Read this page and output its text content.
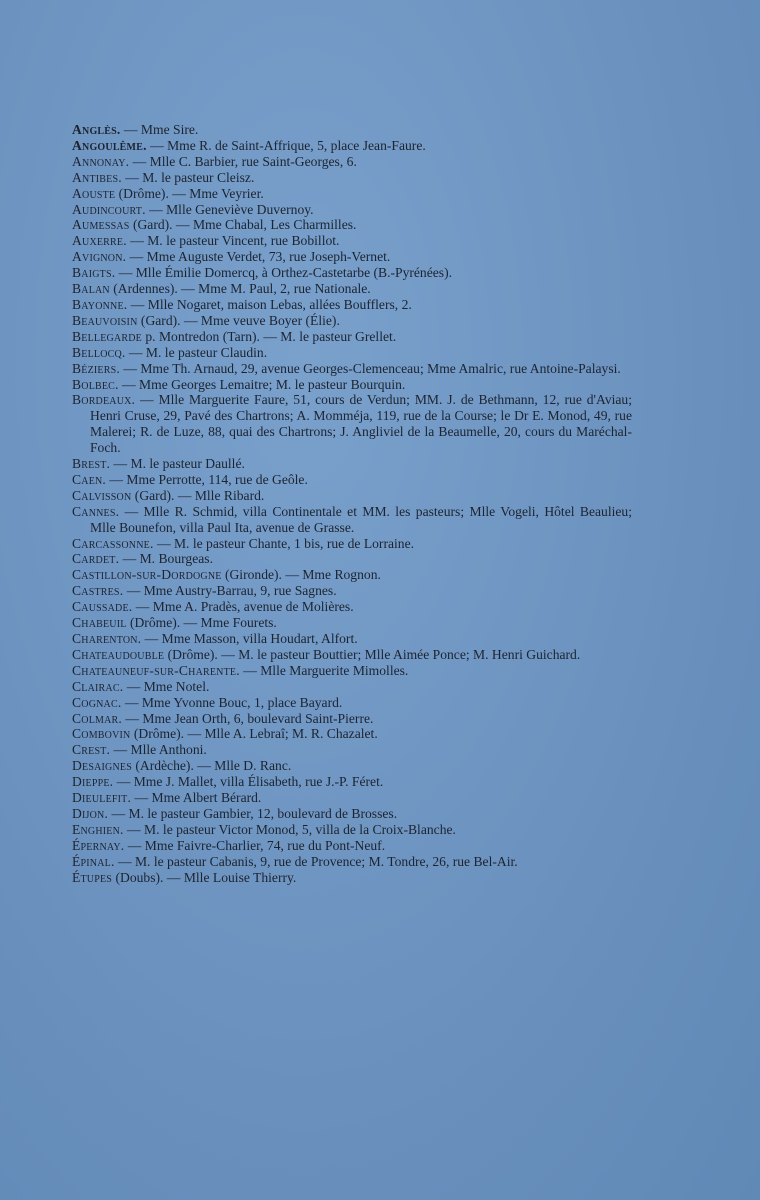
Anglès. — Mme Sire.

Angoulême. — Mme R. de Saint-Affrique, 5, place Jean-Faure.

Annonay. — Mlle C. Barbier, rue Saint-Georges, 6.

Antibes. — M. le pasteur Cleisz.

Aouste (Drôme). — Mme Veyrier.

Audincourt. — Mlle Geneviève Duvernoy.

Aumessas (Gard). — Mme Chabal, Les Charmilles.

Auxerre. — M. le pasteur Vincent, rue Bobillot.

Avignon. — Mme Auguste Verdet, 73, rue Joseph-Vernet.

Baigts. — Mlle Émilie Domercq, à Orthez-Castetarbe (B.-Pyrénées).

Balan (Ardennes). — Mme M. Paul, 2, rue Nationale.

Bayonne. — Mlle Nogaret, maison Lebas, allées Boufflers, 2.

Beauvoisin (Gard). — Mme veuve Boyer (Élie).

Bellegarde p. Montredon (Tarn). — M. le pasteur Grellet.

Bellocq. — M. le pasteur Claudin.

Béziers. — Mme Th. Arnaud, 29, avenue Georges-Clemenceau; Mme Amalric, rue Antoine-Palaysi.

Bolbec. — Mme Georges Lemaitre; M. le pasteur Bourquin.

Bordeaux. — Mlle Marguerite Faure, 51, cours de Verdun; MM. J. de Bethmann, 12, rue d'Aviau; Henri Cruse, 29, Pavé des Chartrons; A. Momméja, 119, rue de la Course; le Dr E. Monod, 49, rue Malerei; R. de Luze, 88, quai des Chartrons; J. Angliviel de la Beaumelle, 20, cours du Maréchal-Foch.

Brest. — M. le pasteur Daullé.

Caen. — Mme Perrotte, 114, rue de Geôle.

Calvisson (Gard). — Mlle Ribard.

Cannes. — Mlle R. Schmid, villa Continentale et MM. les pasteurs; Mlle Vogeli, Hôtel Beaulieu; Mlle Bounefon, villa Paul Ita, avenue de Grasse.

Carcassonne. — M. le pasteur Chante, 1 bis, rue de Lorraine.

Cardet. — M. Bourgeas.

Castillon-sur-Dordogne (Gironde). — Mme Rognon.

Castres. — Mme Austry-Barrau, 9, rue Sagnes.

Caussade. — Mme A. Pradès, avenue de Molières.

Chabeuil (Drôme). — Mme Fourets.

Charenton. — Mme Masson, villa Houdart, Alfort.

Chateaudouble (Drôme). — M. le pasteur Bouttier; Mlle Aimée Ponce; M. Henri Guichard.

Chateauneuf-sur-Charente. — Mlle Marguerite Mimolles.

Clairac. — Mme Notel.

Cognac. — Mme Yvonne Bouc, 1, place Bayard.

Colmar. — Mme Jean Orth, 6, boulevard Saint-Pierre.

Combovin (Drôme). — Mlle A. Lebraî; M. R. Chazalet.

Crest. — Mlle Anthoni.

Desaignes (Ardèche). — Mlle D. Ranc.

Dieppe. — Mme J. Mallet, villa Élisabeth, rue J.-P. Féret.

Dieulefit. — Mme Albert Bérard.

Dijon. — M. le pasteur Gambier, 12, boulevard de Brosses.

Enghien. — M. le pasteur Victor Monod, 5, villa de la Croix-Blanche.

Épernay. — Mme Faivre-Charlier, 74, rue du Pont-Neuf.

Épinal. — M. le pasteur Cabanis, 9, rue de Provence; M. Tondre, 26, rue Bel-Air.

Étupes (Doubs). — Mlle Louise Thierry.
